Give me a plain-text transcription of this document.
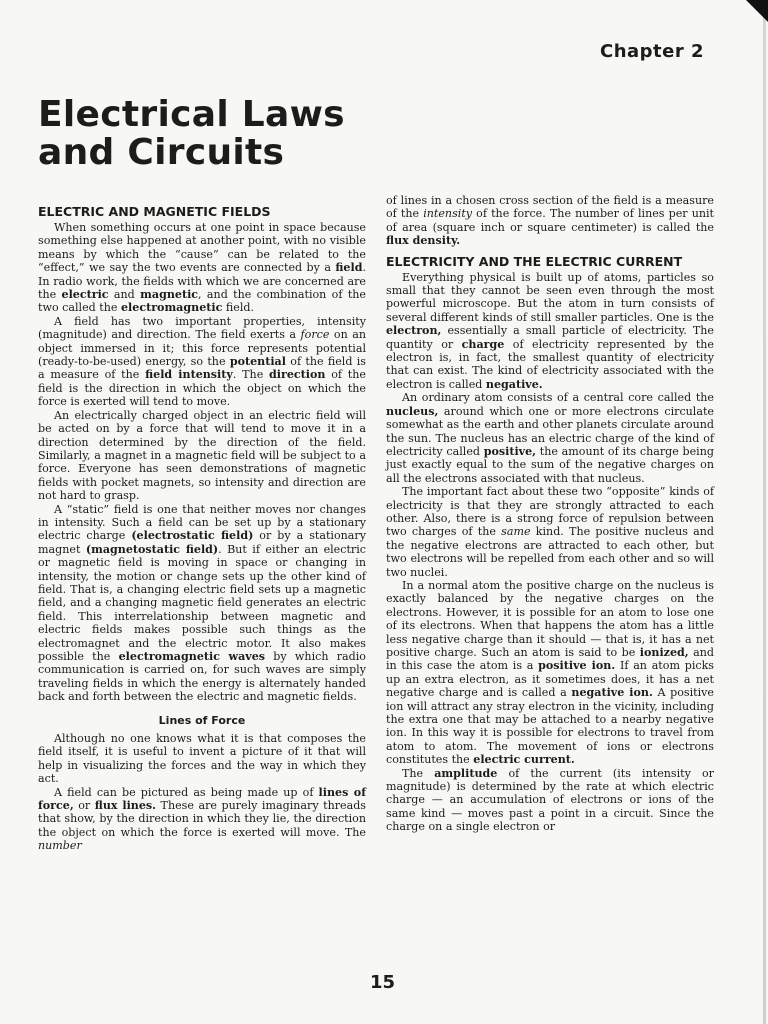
Chapter 2
Electrical Laws
and Circuits
ELECTRIC AND MAGNETIC FIELDS

When something occurs at one point in space because something else happened at another point, with no visible means by which the “cause” can be related to the “effect,” we say the two events are connected by a field. In radio work, the fields with which we are concerned are the electric and magnetic, and the combination of the two called the electromagnetic field.

A field has two important properties, intensity (magnitude) and direction. The field exerts a force on an object immersed in it; this force represents potential (ready-to-be-used) energy, so the potential of the field is a measure of the field intensity. The direction of the field is the direction in which the object on which the force is exerted will tend to move.

An electrically charged object in an electric field will be acted on by a force that will tend to move it in a direction determined by the direction of the field. Similarly, a magnet in a magnetic field will be subject to a force. Everyone has seen demonstrations of magnetic fields with pocket magnets, so intensity and direction are not hard to grasp.

A “static” field is one that neither moves nor changes in intensity. Such a field can be set up by a stationary electric charge (electrostatic field) or by a stationary magnet (magnetostatic field). But if either an electric or magnetic field is moving in space or changing in intensity, the motion or change sets up the other kind of field. That is, a changing electric field sets up a magnetic field, and a changing magnetic field generates an electric field. This interrelationship between magnetic and electric fields makes possible such things as the electromagnet and the electric motor. It also makes possible the electromagnetic waves by which radio communication is carried on, for such waves are simply traveling fields in which the energy is alternately handed back and forth between the electric and magnetic fields.

Lines of Force

Although no one knows what it is that composes the field itself, it is useful to invent a picture of it that will help in visualizing the forces and the way in which they act.

A field can be pictured as being made up of lines of force, or flux lines. These are purely imaginary threads that show, by the direction in which they lie, the direction the object on which the force is exerted will move. The number

of lines in a chosen cross section of the field is a measure of the intensity of the force. The number of lines per unit of area (square inch or square centimeter) is called the flux density.

ELECTRICITY AND THE ELECTRIC CURRENT

Everything physical is built up of atoms, particles so small that they cannot be seen even through the most powerful microscope. But the atom in turn consists of several different kinds of still smaller particles. One is the electron, essentially a small particle of electricity. The quantity or charge of electricity represented by the electron is, in fact, the smallest quantity of electricity that can exist. The kind of electricity associated with the electron is called negative.

An ordinary atom consists of a central core called the nucleus, around which one or more electrons circulate somewhat as the earth and other planets circulate around the sun. The nucleus has an electric charge of the kind of electricity called positive, the amount of its charge being just exactly equal to the sum of the negative charges on all the electrons associated with that nucleus.

The important fact about these two “opposite” kinds of electricity is that they are strongly attracted to each other. Also, there is a strong force of repulsion between two charges of the same kind. The positive nucleus and the negative electrons are attracted to each other, but two electrons will be repelled from each other and so will two nuclei.

In a normal atom the positive charge on the nucleus is exactly balanced by the negative charges on the electrons. However, it is possible for an atom to lose one of its electrons. When that happens the atom has a little less negative charge than it should — that is, it has a net positive charge. Such an atom is said to be ionized, and in this case the atom is a positive ion. If an atom picks up an extra electron, as it sometimes does, it has a net negative charge and is called a negative ion. A positive ion will attract any stray electron in the vicinity, including the extra one that may be attached to a nearby negative ion. In this way it is possible for electrons to travel from atom to atom. The movement of ions or electrons constitutes the electric current.

The amplitude of the current (its intensity or magnitude) is determined by the rate at which electric charge — an accumulation of electrons or ions of the same kind — moves past a point in a circuit. Since the charge on a single electron or

15
